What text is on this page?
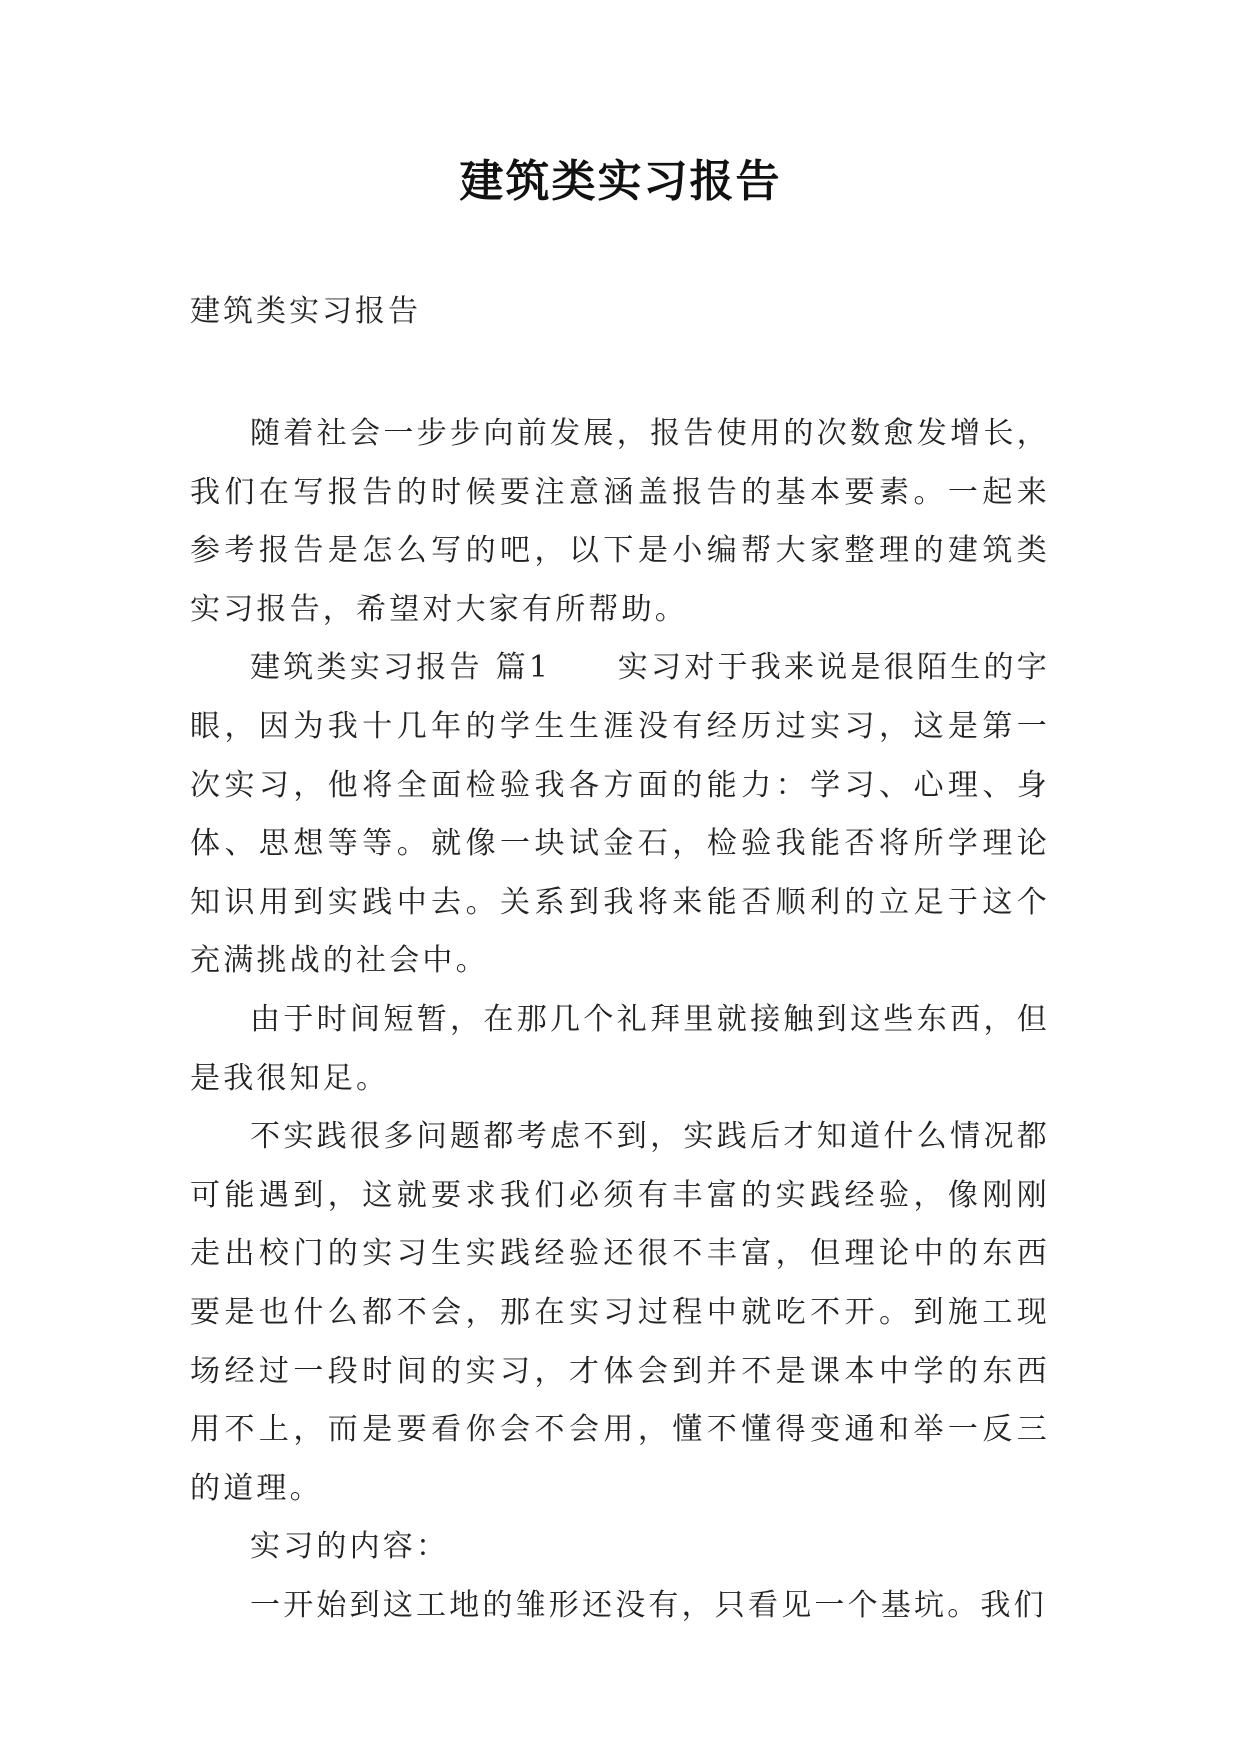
建筑类实习报告
建筑类实习报告

随着社会一步步向前发展，报告使用的次数愈发增长，我们在写报告的时候要注意涵盖报告的基本要素。一起来参考报告是怎么写的吧，以下是小编帮大家整理的建筑类实习报告，希望对大家有所帮助。

建筑类实习报告 篇1　　实习对于我来说是很陌生的字眼，因为我十几年的学生生涯没有经历过实习，这是第一次实习，他将全面检验我各方面的能力：学习、心理、身体、思想等等。就像一块试金石，检验我能否将所学理论知识用到实践中去。关系到我将来能否顺利的立足于这个充满挑战的社会中。

由于时间短暂，在那几个礼拜里就接触到这些东西，但是我很知足。

不实践很多问题都考虑不到，实践后才知道什么情况都可能遇到，这就要求我们必须有丰富的实践经验，像刚刚走出校门的实习生实践经验还很不丰富，但理论中的东西要是也什么都不会，那在实习过程中就吃不开。到施工现场经过一段时间的实习，才体会到并不是课本中学的东西用不上，而是要看你会不会用，懂不懂得变通和举一反三的道理。

实习的内容：

一开始到这工地的雏形还没有，只看见一个基坑。我们
